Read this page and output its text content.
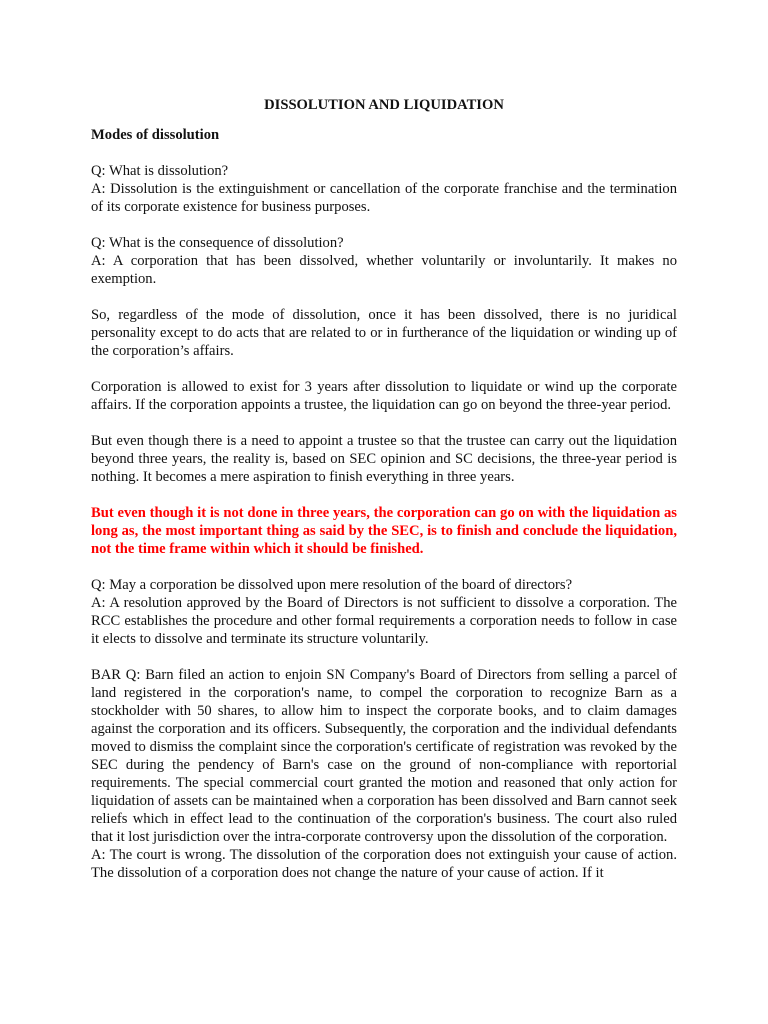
DISSOLUTION AND LIQUIDATION
Modes of dissolution

Q: What is dissolution?
A: Dissolution is the extinguishment or cancellation of the corporate franchise and the termination of its corporate existence for business purposes.

Q: What is the consequence of dissolution?
A: A corporation that has been dissolved, whether voluntarily or involuntarily. It makes no exemption.

So, regardless of the mode of dissolution, once it has been dissolved, there is no juridical personality except to do acts that are related to or in furtherance of the liquidation or winding up of the corporation’s affairs.

Corporation is allowed to exist for 3 years after dissolution to liquidate or wind up the corporate affairs. If the corporation appoints a trustee, the liquidation can go on beyond the three-year period.

But even though there is a need to appoint a trustee so that the trustee can carry out the liquidation beyond three years, the reality is, based on SEC opinion and SC decisions, the three-year period is nothing. It becomes a mere aspiration to finish everything in three years.

But even though it is not done in three years, the corporation can go on with the liquidation as long as, the most important thing as said by the SEC, is to finish and conclude the liquidation, not the time frame within which it should be finished.

Q: May a corporation be dissolved upon mere resolution of the board of directors?
A: A resolution approved by the Board of Directors is not sufficient to dissolve a corporation. The RCC establishes the procedure and other formal requirements a corporation needs to follow in case it elects to dissolve and terminate its structure voluntarily.

BAR Q: Barn filed an action to enjoin SN Company's Board of Directors from selling a parcel of land registered in the corporation's name, to compel the corporation to recognize Barn as a stockholder with 50 shares, to allow him to inspect the corporate books, and to claim damages against the corporation and its officers. Subsequently, the corporation and the individual defendants moved to dismiss the complaint since the corporation's certificate of registration was revoked by the SEC during the pendency of Barn's case on the ground of non-compliance with reportorial requirements. The special commercial court granted the motion and reasoned that only action for liquidation of assets can be maintained when a corporation has been dissolved and Barn cannot seek reliefs which in effect lead to the continuation of the corporation's business. The court also ruled that it lost jurisdiction over the intra-corporate controversy upon the dissolution of the corporation.

A: The court is wrong. The dissolution of the corporation does not extinguish your cause of action. The dissolution of a corporation does not change the nature of your cause of action. If it
